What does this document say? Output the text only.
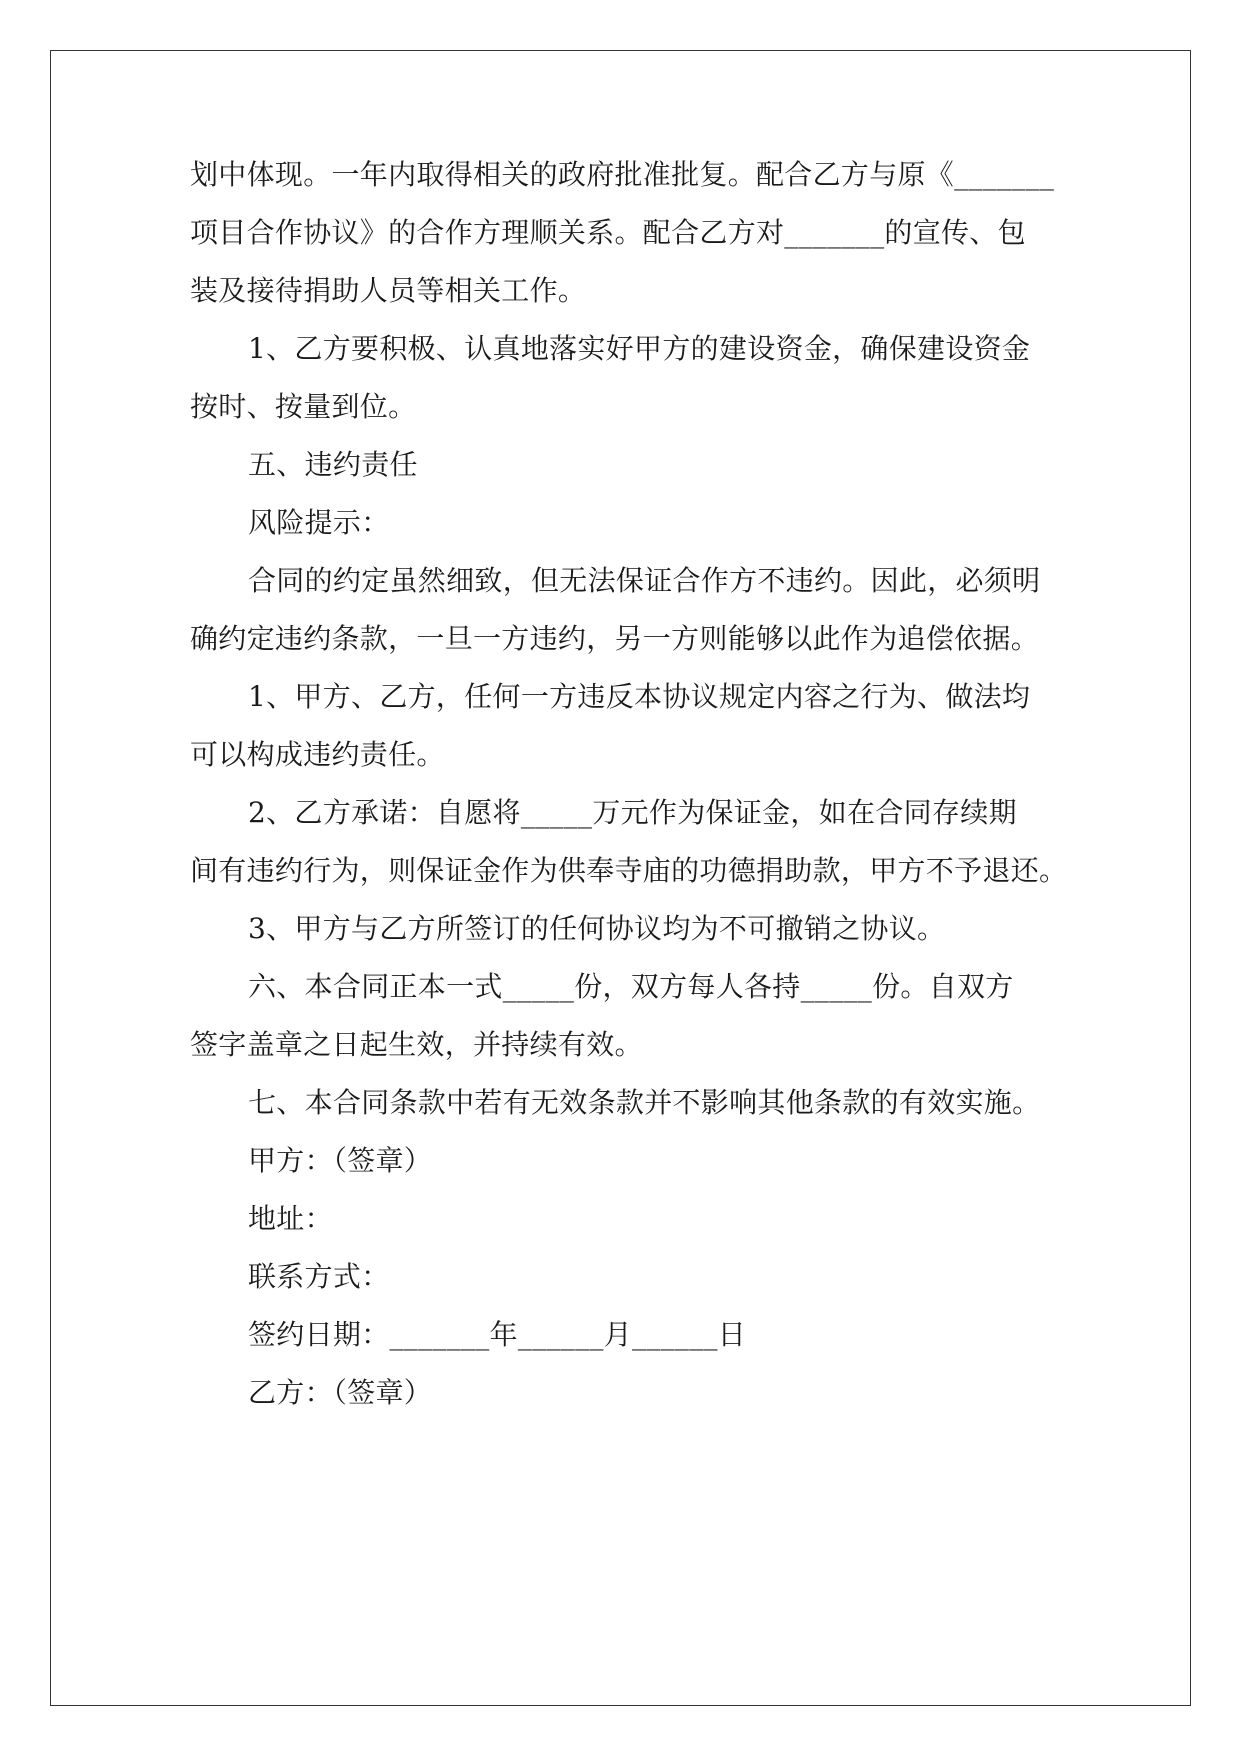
划中体现。一年内取得相关的政府批准批复。配合乙方与原《_______
项目合作协议》的合作方理顺关系。配合乙方对_______的宣传、包
装及接待捐助人员等相关工作。
1、乙方要积极、认真地落实好甲方的建设资金，确保建设资金
按时、按量到位。
五、违约责任
风险提示：
合同的约定虽然细致，但无法保证合作方不违约。因此，必须明
确约定违约条款，一旦一方违约，另一方则能够以此作为追偿依据。
1、甲方、乙方，任何一方违反本协议规定内容之行为、做法均
可以构成违约责任。
2、乙方承诺：自愿将_____万元作为保证金，如在合同存续期
间有违约行为，则保证金作为供奉寺庙的功德捐助款，甲方不予退还。
3、甲方与乙方所签订的任何协议均为不可撤销之协议。
六、本合同正本一式_____份，双方每人各持_____份。自双方
签字盖章之日起生效，并持续有效。
七、本合同条款中若有无效条款并不影响其他条款的有效实施。
甲方：（签章）
地址：
联系方式：
签约日期：_______年______月______日
乙方：（签章）
